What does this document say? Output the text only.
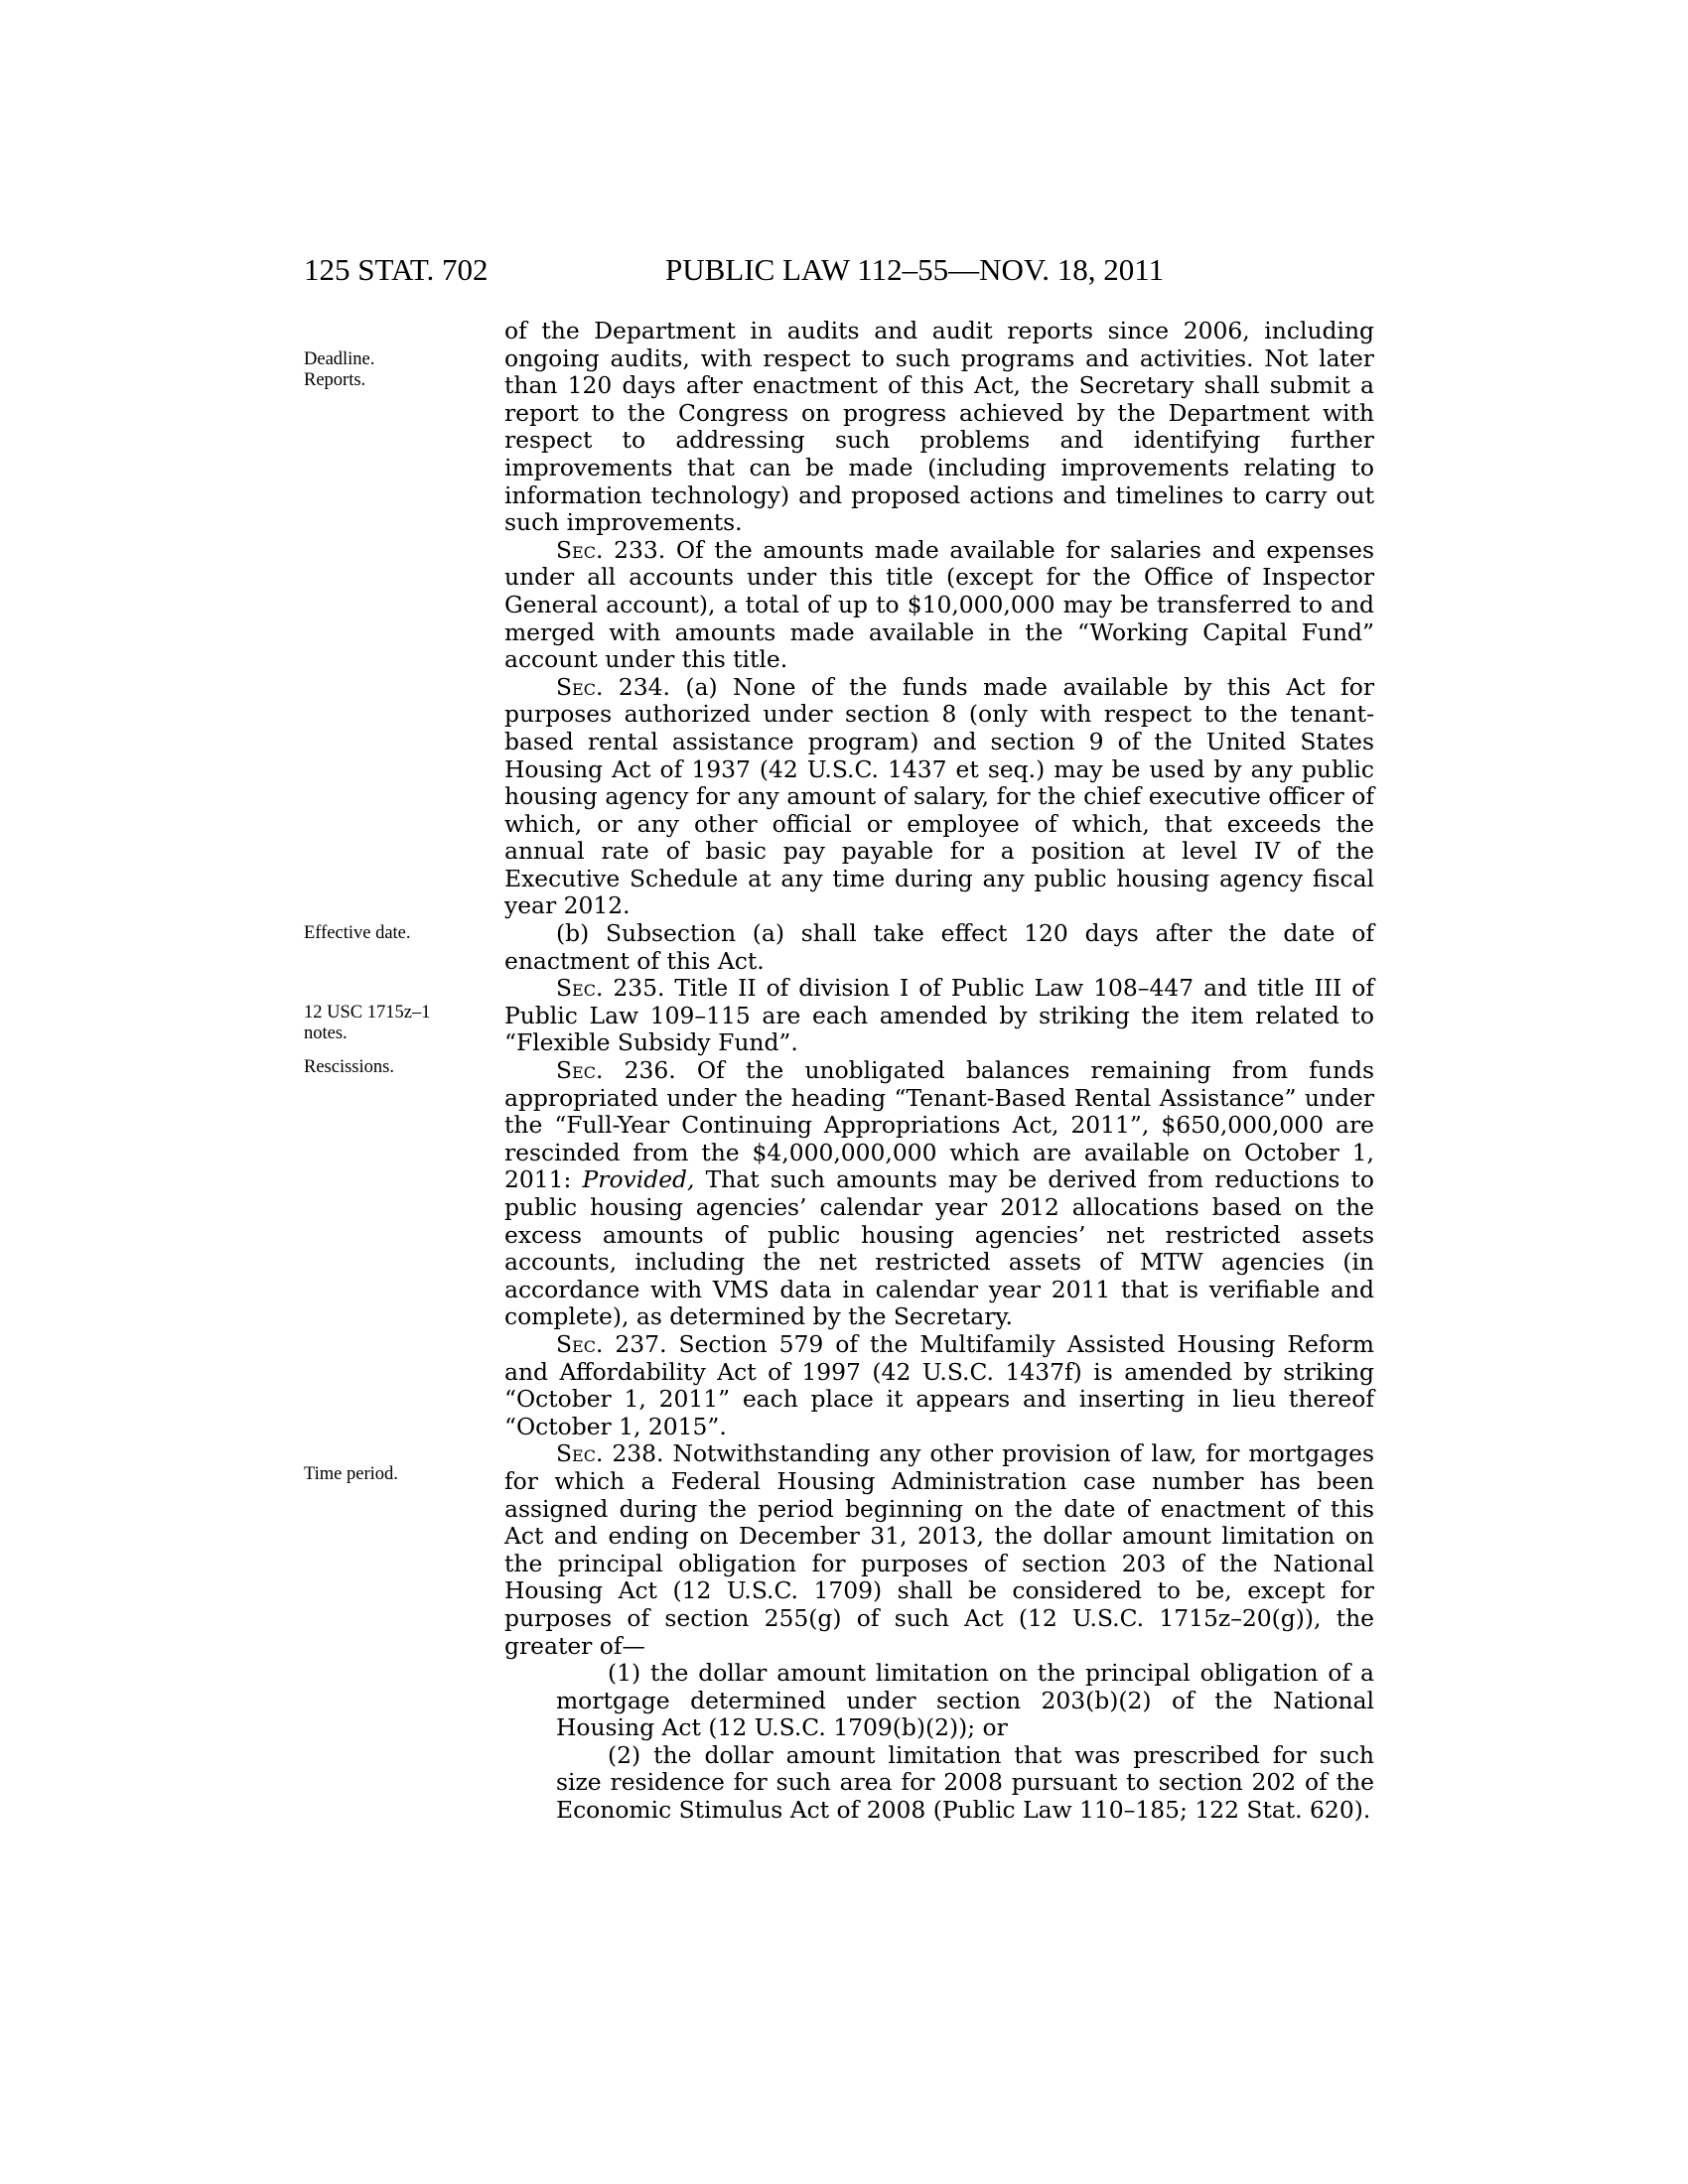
125 STAT. 702	PUBLIC LAW 112–55—NOV. 18, 2011
Deadline.
Reports.
Effective date.
12 USC 1715z–1
notes.
Rescissions.
Time period.

of the Department in audits and audit reports since 2006, including ongoing audits, with respect to such programs and activities. Not later than 120 days after enactment of this Act, the Secretary shall submit a report to the Congress on progress achieved by the Department with respect to addressing such problems and identifying further improvements that can be made (including improvements relating to information technology) and proposed actions and timelines to carry out such improvements.

Sec. 233. Of the amounts made available for salaries and expenses under all accounts under this title (except for the Office of Inspector General account), a total of up to $10,000,000 may be transferred to and merged with amounts made available in the “Working Capital Fund” account under this title.

Sec. 234. (a) None of the funds made available by this Act for purposes authorized under section 8 (only with respect to the tenant-based rental assistance program) and section 9 of the United States Housing Act of 1937 (42 U.S.C. 1437 et seq.) may be used by any public housing agency for any amount of salary, for the chief executive officer of which, or any other official or employee of which, that exceeds the annual rate of basic pay payable for a position at level IV of the Executive Schedule at any time during any public housing agency fiscal year 2012.

(b) Subsection (a) shall take effect 120 days after the date of enactment of this Act.

Sec. 235. Title II of division I of Public Law 108–447 and title III of Public Law 109–115 are each amended by striking the item related to “Flexible Subsidy Fund”.

Sec. 236. Of the unobligated balances remaining from funds appropriated under the heading “Tenant-Based Rental Assistance” under the “Full-Year Continuing Appropriations Act, 2011”, $650,000,000 are rescinded from the $4,000,000,000 which are available on October 1, 2011: Provided, That such amounts may be derived from reductions to public housing agencies’ calendar year 2012 allocations based on the excess amounts of public housing agencies’ net restricted assets accounts, including the net restricted assets of MTW agencies (in accordance with VMS data in calendar year 2011 that is verifiable and complete), as determined by the Secretary.

Sec. 237. Section 579 of the Multifamily Assisted Housing Reform and Affordability Act of 1997 (42 U.S.C. 1437f) is amended by striking “October 1, 2011” each place it appears and inserting in lieu thereof “October 1, 2015”.

Sec. 238. Notwithstanding any other provision of law, for mortgages for which a Federal Housing Administration case number has been assigned during the period beginning on the date of enactment of this Act and ending on December 31, 2013, the dollar amount limitation on the principal obligation for purposes of section 203 of the National Housing Act (12 U.S.C. 1709) shall be considered to be, except for purposes of section 255(g) of such Act (12 U.S.C. 1715z–20(g)), the greater of—

(1) the dollar amount limitation on the principal obligation of a mortgage determined under section 203(b)(2) of the National Housing Act (12 U.S.C. 1709(b)(2)); or

(2) the dollar amount limitation that was prescribed for such size residence for such area for 2008 pursuant to section 202 of the Economic Stimulus Act of 2008 (Public Law 110–185; 122 Stat. 620).
